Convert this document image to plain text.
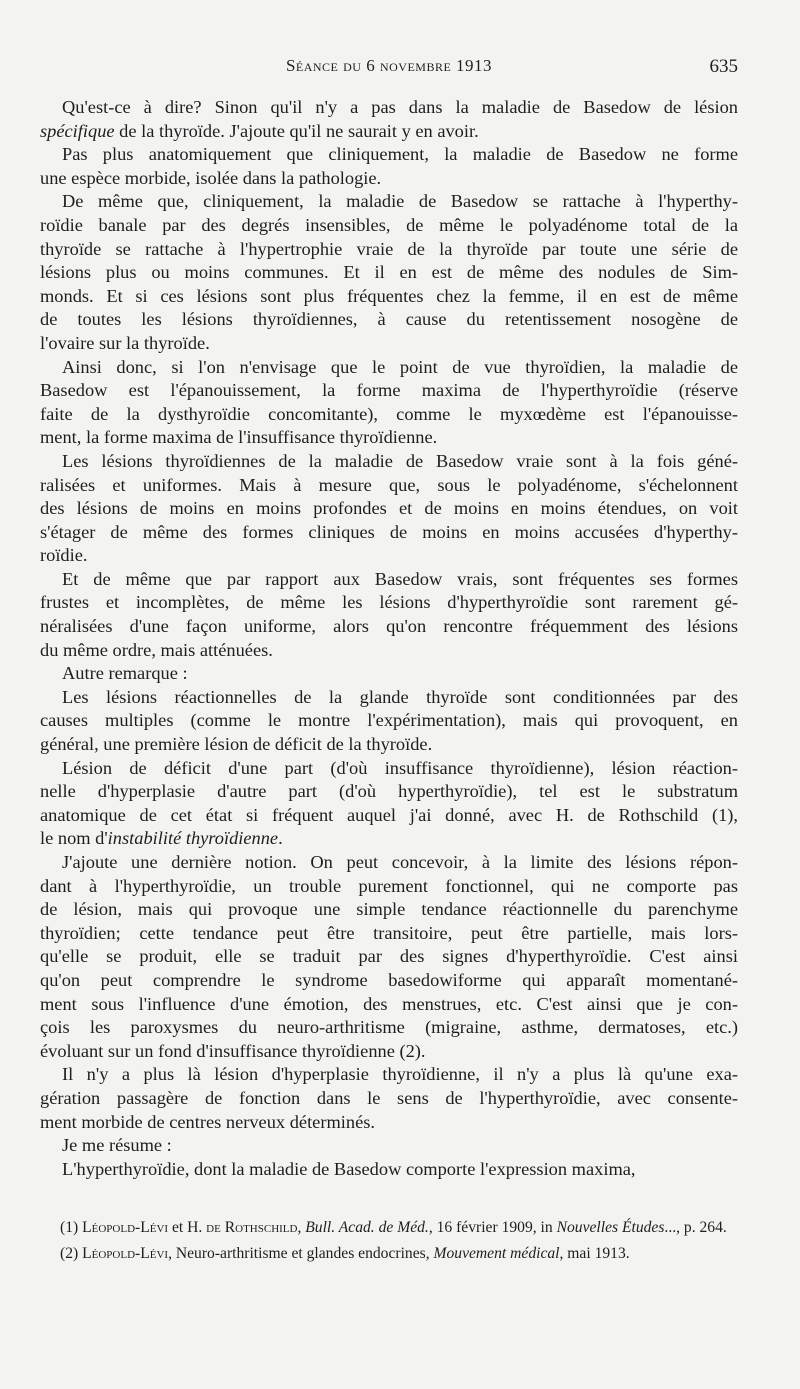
Séance du 6 novembre 1913	635
Qu'est-ce à dire? Sinon qu'il n'y a pas dans la maladie de Basedow de lésion
spécifique de la thyroïde. J'ajoute qu'il ne saurait y en avoir.
Pas plus anatomiquement que cliniquement, la maladie de Basedow ne forme
une espèce morbide, isolée dans la pathologie.
De même que, cliniquement, la maladie de Basedow se rattache à l'hyperthy-
roïdie banale par des degrés insensibles, de même le polyadénome total de la
thyroïde se rattache à l'hypertrophie vraie de la thyroïde par toute une série de
lésions plus ou moins communes. Et il en est de même des nodules de Sim-
monds. Et si ces lésions sont plus fréquentes chez la femme, il en est de même
de toutes les lésions thyroïdiennes, à cause du retentissement nosogène de
l'ovaire sur la thyroïde.
Ainsi donc, si l'on n'envisage que le point de vue thyroïdien, la maladie de
Basedow est l'épanouissement, la forme maxima de l'hyperthyroïdie (réserve
faite de la dysthyroïdie concomitante), comme le myxœdème est l'épanouisse-
ment, la forme maxima de l'insuffisance thyroïdienne.
Les lésions thyroïdiennes de la maladie de Basedow vraie sont à la fois géné-
ralisées et uniformes. Mais à mesure que, sous le polyadénome, s'échelonnent
des lésions de moins en moins profondes et de moins en moins étendues, on voit
s'étager de même des formes cliniques de moins en moins accusées d'hyperthy-
roïdie.
Et de même que par rapport aux Basedow vrais, sont fréquentes ses formes
frustes et incomplètes, de même les lésions d'hyperthyroïdie sont rarement gé-
néralisées d'une façon uniforme, alors qu'on rencontre fréquemment des lésions
du même ordre, mais atténuées.
Autre remarque :
Les lésions réactionnelles de la glande thyroïde sont conditionnées par des
causes multiples (comme le montre l'expérimentation), mais qui provoquent, en
général, une première lésion de déficit de la thyroïde.
Lésion de déficit d'une part (d'où insuffisance thyroïdienne), lésion réaction-
nelle d'hyperplasie d'autre part (d'où hyperthyroïdie), tel est le substratum
anatomique de cet état si fréquent auquel j'ai donné, avec H. de Rothschild (1),
le nom d'instabilité thyroïdienne.
J'ajoute une dernière notion. On peut concevoir, à la limite des lésions répon-
dant à l'hyperthyroïdie, un trouble purement fonctionnel, qui ne comporte pas
de lésion, mais qui provoque une simple tendance réactionnelle du parenchyme
thyroïdien; cette tendance peut être transitoire, peut être partielle, mais lors-
qu'elle se produit, elle se traduit par des signes d'hyperthyroïdie. C'est ainsi
qu'on peut comprendre le syndrome basedowiforme qui apparaît momentané-
ment sous l'influence d'une émotion, des menstrues, etc. C'est ainsi que je con-
çois les paroxysmes du neuro-arthritisme (migraine, asthme, dermatoses, etc.)
évoluant sur un fond d'insuffisance thyroïdienne (2).
Il n'y a plus là lésion d'hyperplasie thyroïdienne, il n'y a plus là qu'une exa-
gération passagère de fonction dans le sens de l'hyperthyroïdie, avec consente-
ment morbide de centres nerveux déterminés.
Je me résume :
L'hyperthyroïdie, dont la maladie de Basedow comporte l'expression maxima,
(1) Léopold-Lévi et H. de Rothschild, Bull. Acad. de Méd., 16 février 1909, in Nouvelles Études..., p. 264.
(2) Léopold-Lévi, Neuro-arthritisme et glandes endocrines, Mouvement médical, mai 1913.
